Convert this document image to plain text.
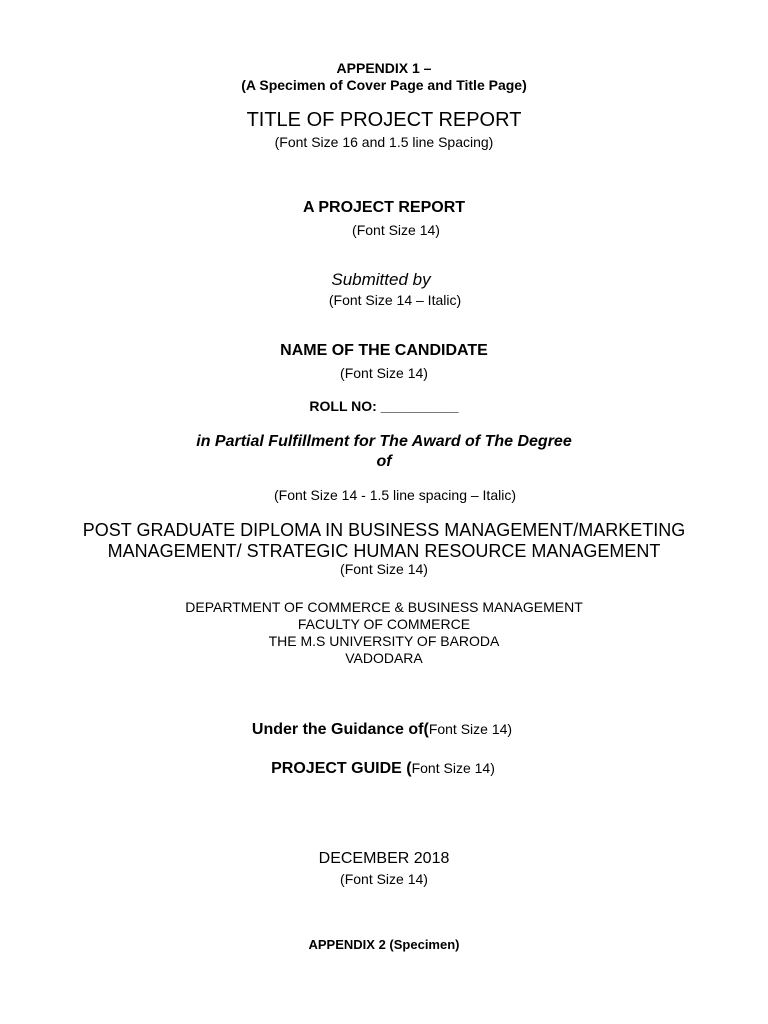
APPENDIX 1 –
(A Specimen of Cover Page and Title Page)
TITLE OF PROJECT REPORT
(Font Size 16 and 1.5 line Spacing)
A PROJECT REPORT
(Font Size 14)
Submitted by
(Font Size 14 – Italic)
NAME OF THE CANDIDATE
(Font Size 14)
ROLL NO: __________
in Partial Fulfillment for The Award of The Degree
of
(Font Size 14 - 1.5 line spacing – Italic)
POST GRADUATE DIPLOMA IN BUSINESS MANAGEMENT/MARKETING
MANAGEMENT/ STRATEGIC HUMAN RESOURCE MANAGEMENT
(Font Size 14)
DEPARTMENT OF COMMERCE & BUSINESS MANAGEMENT
FACULTY OF COMMERCE
THE M.S UNIVERSITY OF BARODA
VADODARA
Under the Guidance of(Font Size 14)
PROJECT GUIDE (Font Size 14)
DECEMBER 2018
(Font Size 14)
APPENDIX 2 (Specimen)
